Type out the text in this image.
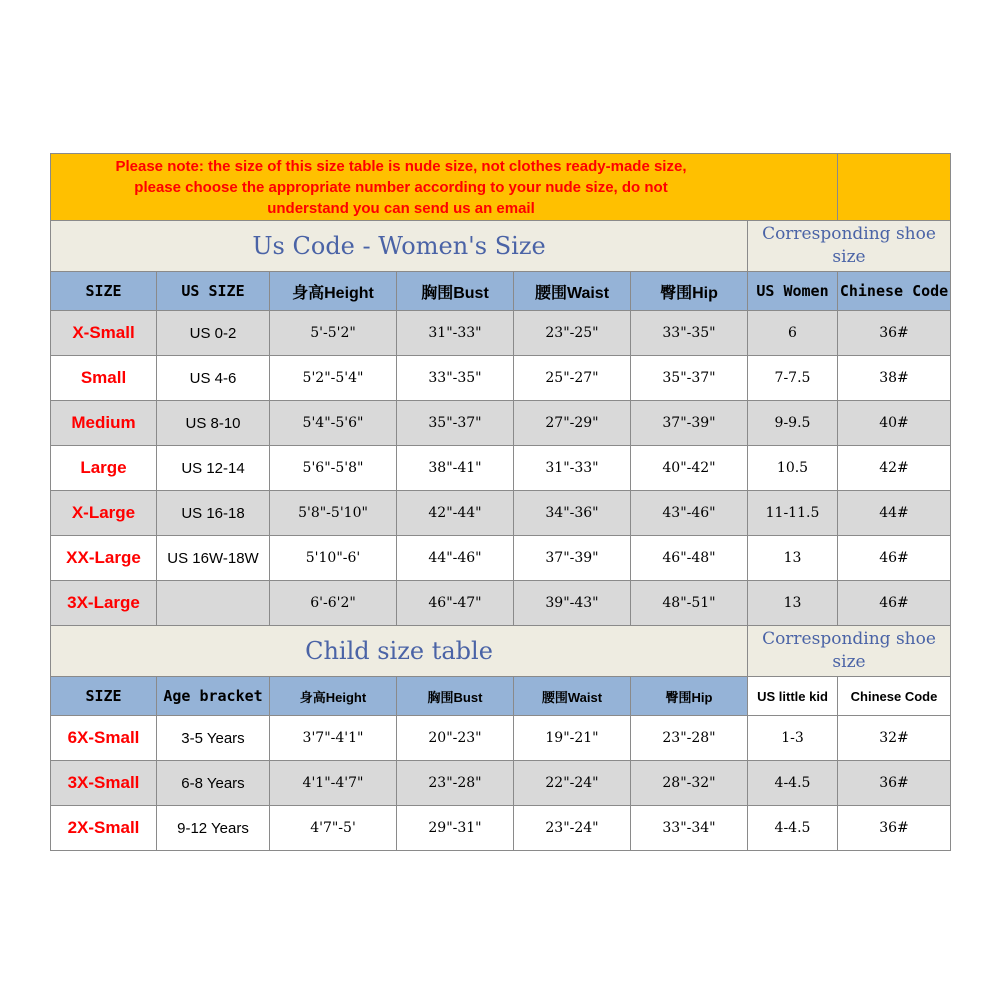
Please note: the size of this size table is nude size, not clothes ready-made size,
please choose the appropriate number according to your nude size, do not
understand you can send us an email							

Us Code - Women's Size						Corresponding shoe size	
SIZE	US SIZE	身高Height	胸围Bust	腰围Waist	臀围Hip	US Women	Chinese Code
X-Small	US 0-2	5'-5'2"	31"-33"	23"-25"	33"-35"	6	36#
Small	US 4-6	5'2"-5'4"	33"-35"	25"-27"	35"-37"	7-7.5	38#
Medium	US 8-10	5'4"-5'6"	35"-37"	27"-29"	37"-39"	9-9.5	40#
Large	US 12-14	5'6"-5'8"	38"-41"	31"-33"	40"-42"	10.5	42#
X-Large	US 16-18	5'8"-5'10"	42"-44"	34"-36"	43"-46"	11-11.5	44#
XX-Large	US 16W-18W	5'10"-6'	44"-46"	37"-39"	46"-48"	13	46#
3X-Large		6'-6'2"	46"-47"	39"-43"	48"-51"	13	46#
Child size table						Corresponding shoe size	
SIZE	Age bracket	身高Height	胸围Bust	腰围Waist	臀围Hip	US little kid	Chinese Code
6X-Small	3-5 Years	3'7"-4'1"	20"-23"	19"-21"	23"-28"	1-3	32#
3X-Small	6-8 Years	4'1"-4'7"	23"-28"	22"-24"	28"-32"	4-4.5	36#
2X-Small	9-12 Years	4'7"-5'	29"-31"	23"-24"	33"-34"	4-4.5	36#
